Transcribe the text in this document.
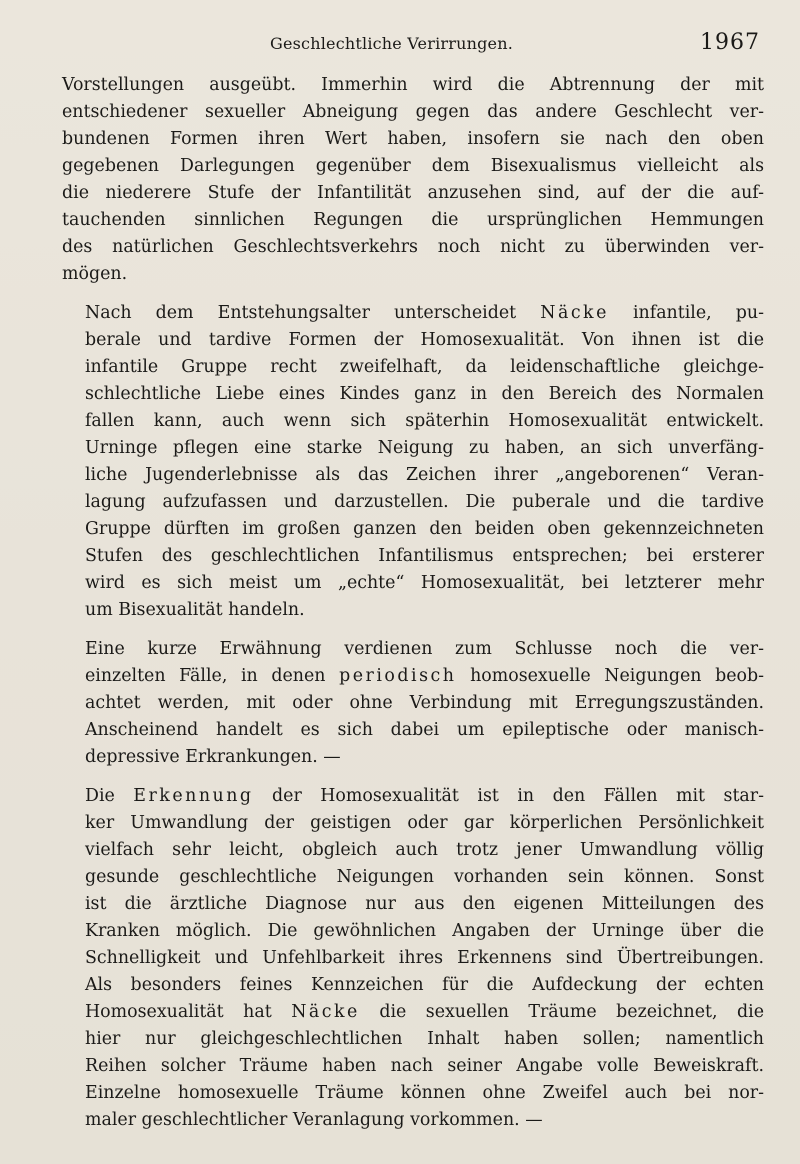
Geschlechtliche Verirrungen.	1967

Vorstellungen ausgeübt. Immerhin wird die Abtrennung der mit
entschiedener sexueller Abneigung gegen das andere Geschlecht ver-
bundenen Formen ihren Wert haben, insofern sie nach den oben
gegebenen Darlegungen gegenüber dem Bisexualismus vielleicht als
die niederere Stufe der Infantilität anzusehen sind, auf der die auf-
tauchenden sinnlichen Regungen die ursprünglichen Hemmungen
des natürlichen Geschlechtsverkehrs noch nicht zu überwinden ver-
mögen.

Nach dem Entstehungsalter unterscheidet Näcke infantile, pu-
berale und tardive Formen der Homosexualität. Von ihnen ist die
infantile Gruppe recht zweifelhaft, da leidenschaftliche gleichge-
schlechtliche Liebe eines Kindes ganz in den Bereich des Normalen
fallen kann, auch wenn sich späterhin Homosexualität entwickelt.
Urninge pflegen eine starke Neigung zu haben, an sich unverfäng-
liche Jugenderlebnisse als das Zeichen ihrer „angeborenen“ Veran-
lagung aufzufassen und darzustellen. Die puberale und die tardive
Gruppe dürften im großen ganzen den beiden oben gekennzeichneten
Stufen des geschlechtlichen Infantilismus entsprechen; bei ersterer
wird es sich meist um „echte“ Homosexualität, bei letzterer mehr
um Bisexualität handeln.

Eine kurze Erwähnung verdienen zum Schlusse noch die ver-
einzelten Fälle, in denen periodisch homosexuelle Neigungen beob-
achtet werden, mit oder ohne Verbindung mit Erregungszuständen.
Anscheinend handelt es sich dabei um epileptische oder manisch-
depressive Erkrankungen. —

Die Erkennung der Homosexualität ist in den Fällen mit star-
ker Umwandlung der geistigen oder gar körperlichen Persönlichkeit
vielfach sehr leicht, obgleich auch trotz jener Umwandlung völlig
gesunde geschlechtliche Neigungen vorhanden sein können. Sonst
ist die ärztliche Diagnose nur aus den eigenen Mitteilungen des
Kranken möglich. Die gewöhnlichen Angaben der Urninge über die
Schnelligkeit und Unfehlbarkeit ihres Erkennens sind Übertreibungen.
Als besonders feines Kennzeichen für die Aufdeckung der echten
Homosexualität hat Näcke die sexuellen Träume bezeichnet, die
hier nur gleichgeschlechtlichen Inhalt haben sollen; namentlich
Reihen solcher Träume haben nach seiner Angabe volle Beweiskraft.
Einzelne homosexuelle Träume können ohne Zweifel auch bei nor-
maler geschlechtlicher Veranlagung vorkommen. —
